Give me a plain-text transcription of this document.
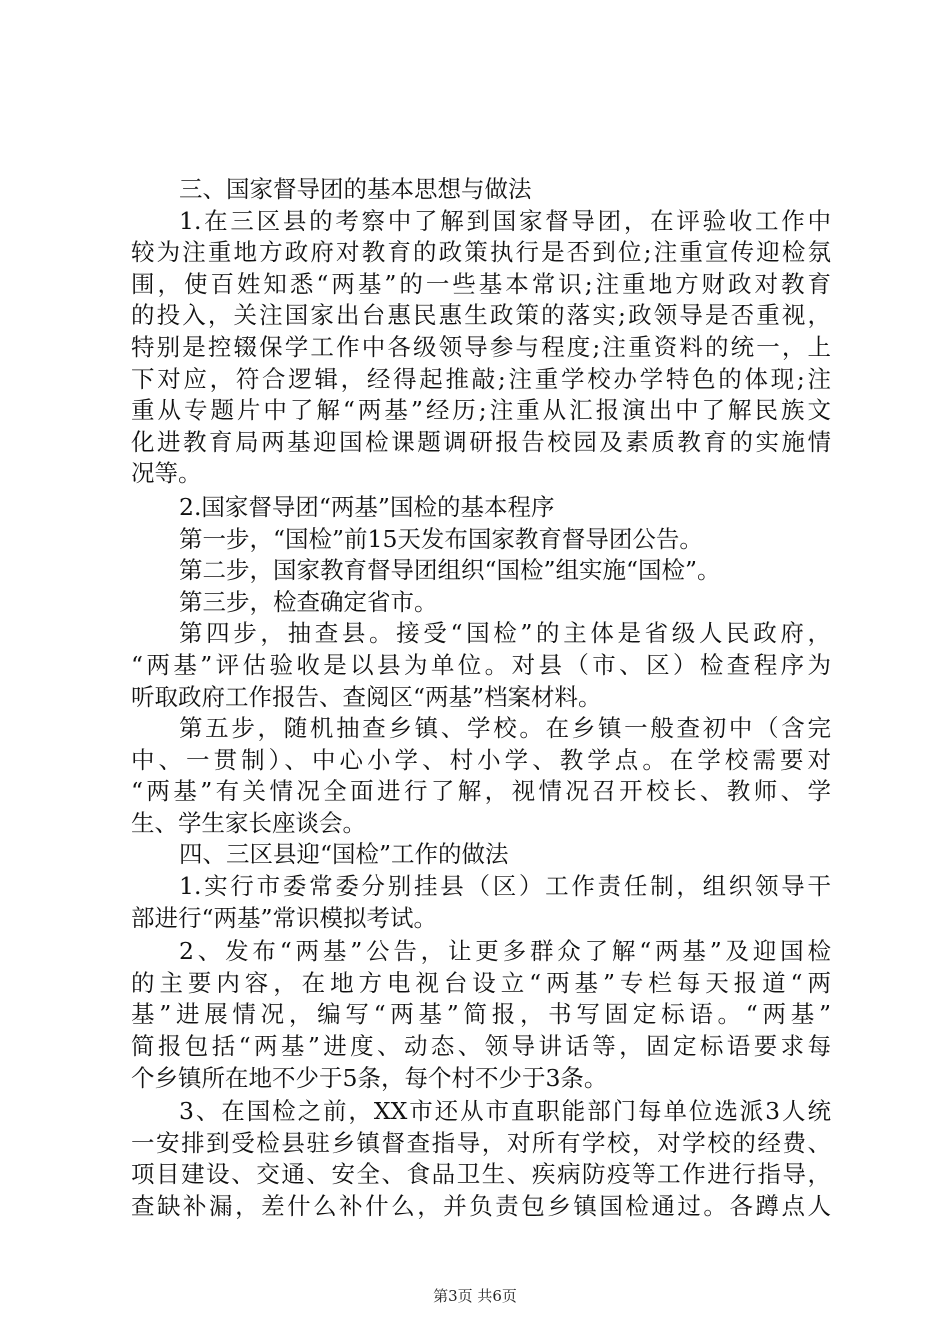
三、国家督导团的基本思想与做法
1.在三区县的考察中了解到国家督导团，在评验收工作中
较为注重地方政府对教育的政策执行是否到位;注重宣传迎检氛
围，使百姓知悉“两基”的一些基本常识;注重地方财政对教育
的投入，关注国家出台惠民惠生政策的落实;政领导是否重视，
特别是控辍保学工作中各级领导参与程度;注重资料的统一，上
下对应，符合逻辑，经得起推敲;注重学校办学特色的体现;注
重从专题片中了解“两基”经历;注重从汇报演出中了解民族文
化进教育局两基迎国检课题调研报告校园及素质教育的实施情
况等。
2.国家督导团“两基”国检的基本程序
第一步，“国检”前15天发布国家教育督导团公告。
第二步，国家教育督导团组织“国检”组实施“国检”。
第三步，检查确定省市。
第四步，抽查县。接受“国检”的主体是省级人民政府，
“两基”评估验收是以县为单位。对县（市、区）检查程序为
听取政府工作报告、查阅区“两基”档案材料。
第五步，随机抽查乡镇、学校。在乡镇一般查初中（含完
中、一贯制）、中心小学、村小学、教学点。在学校需要对
“两基”有关情况全面进行了解，视情况召开校长、教师、学
生、学生家长座谈会。
四、三区县迎“国检”工作的做法
1.实行市委常委分别挂县（区）工作责任制，组织领导干
部进行“两基”常识模拟考试。
2、发布“两基”公告，让更多群众了解“两基”及迎国检
的主要内容，在地方电视台设立“两基”专栏每天报道“两
基”进展情况，编写“两基”简报，书写固定标语。“两基”
简报包括“两基”进度、动态、领导讲话等，固定标语要求每
个乡镇所在地不少于5条，每个村不少于3条。
3、在国检之前，XX市还从市直职能部门每单位选派3人统
一安排到受检县驻乡镇督查指导，对所有学校，对学校的经费、
项目建设、交通、安全、食品卫生、疾病防疫等工作进行指导，
查缺补漏，差什么补什么，并负责包乡镇国检通过。各蹲点人
第3页 共6页
